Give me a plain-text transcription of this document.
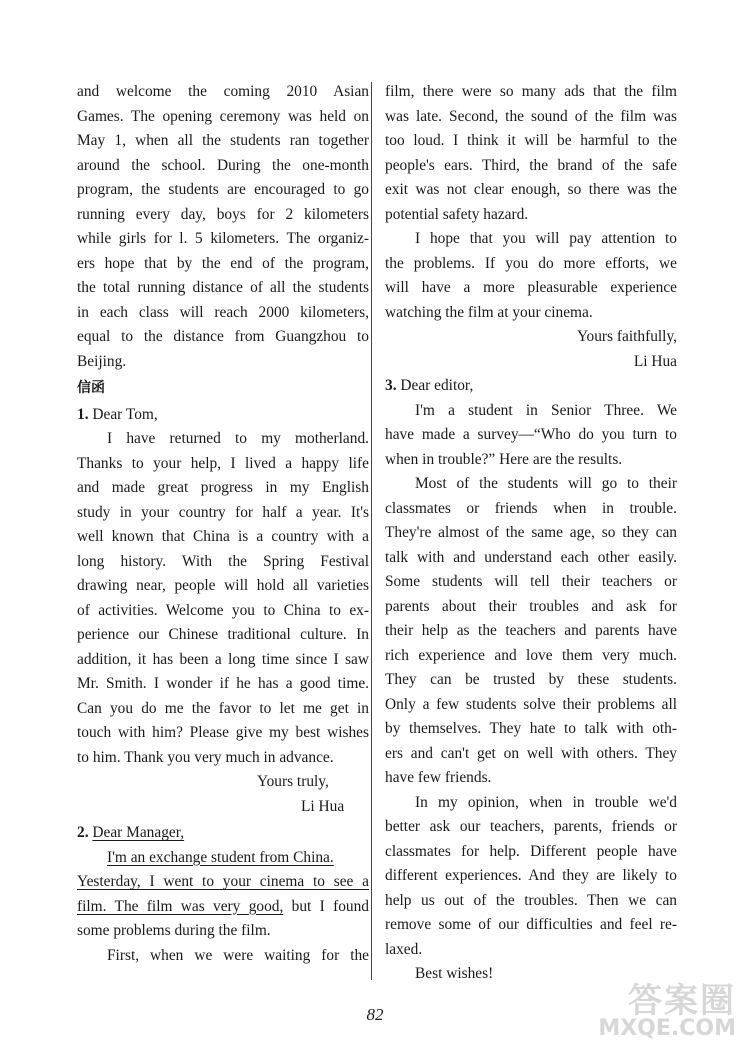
and welcome the coming 2010 Asian
Games. The opening ceremony was held on
May 1, when all the students ran together
around the school. During the one-month
program, the students are encouraged to go
running every day, boys for 2 kilometers
while girls for l. 5 kilometers. The organiz-
ers hope that by the end of the program,
the total running distance of all the students
in each class will reach 2000 kilometers,
equal to the distance from Guangzhou to
Beijing.
信函
1. Dear Tom,
I have returned to my motherland.
Thanks to your help, I lived a happy life
and made great progress in my English
study in your country for half a year. It's
well known that China is a country with a
long history. With the Spring Festival
drawing near, people will hold all varieties
of activities. Welcome you to China to ex-
perience our Chinese traditional culture. In
addition, it has been a long time since I saw
Mr. Smith. I wonder if he has a good time.
Can you do me the favor to let me get in
touch with him? Please give my best wishes
to him. Thank you very much in advance.
Yours truly,
Li Hua
2. Dear Manager,
I'm an exchange student from China.
Yesterday, I went to your cinema to see a
film. The film was very good, but I found
some problems during the film.
First, when we were waiting for the
film, there were so many ads that the film
was late. Second, the sound of the film was
too loud. I think it will be harmful to the
people's ears. Third, the brand of the safe
exit was not clear enough, so there was the
potential safety hazard.
I hope that you will pay attention to
the problems. If you do more efforts, we
will have a more pleasurable experience
watching the film at your cinema.
Yours faithfully,
Li Hua
3. Dear editor,
I'm a student in Senior Three. We
have made a survey—“Who do you turn to
when in trouble?” Here are the results.
Most of the students will go to their
classmates or friends when in trouble.
They're almost of the same age, so they can
talk with and understand each other easily.
Some students will tell their teachers or
parents about their troubles and ask for
their help as the teachers and parents have
rich experience and love them very much.
They can be trusted by these students.
Only a few students solve their problems all
by themselves. They hate to talk with oth-
ers and can't get on well with others. They
have few friends.
In my opinion, when in trouble we'd
better ask our teachers, parents, friends or
classmates for help. Different people have
different experiences. And they are likely to
help us out of the troubles. Then we can
remove some of our difficulties and feel re-
laxed.
Best wishes!
82	答案圈
MXQE.COM
